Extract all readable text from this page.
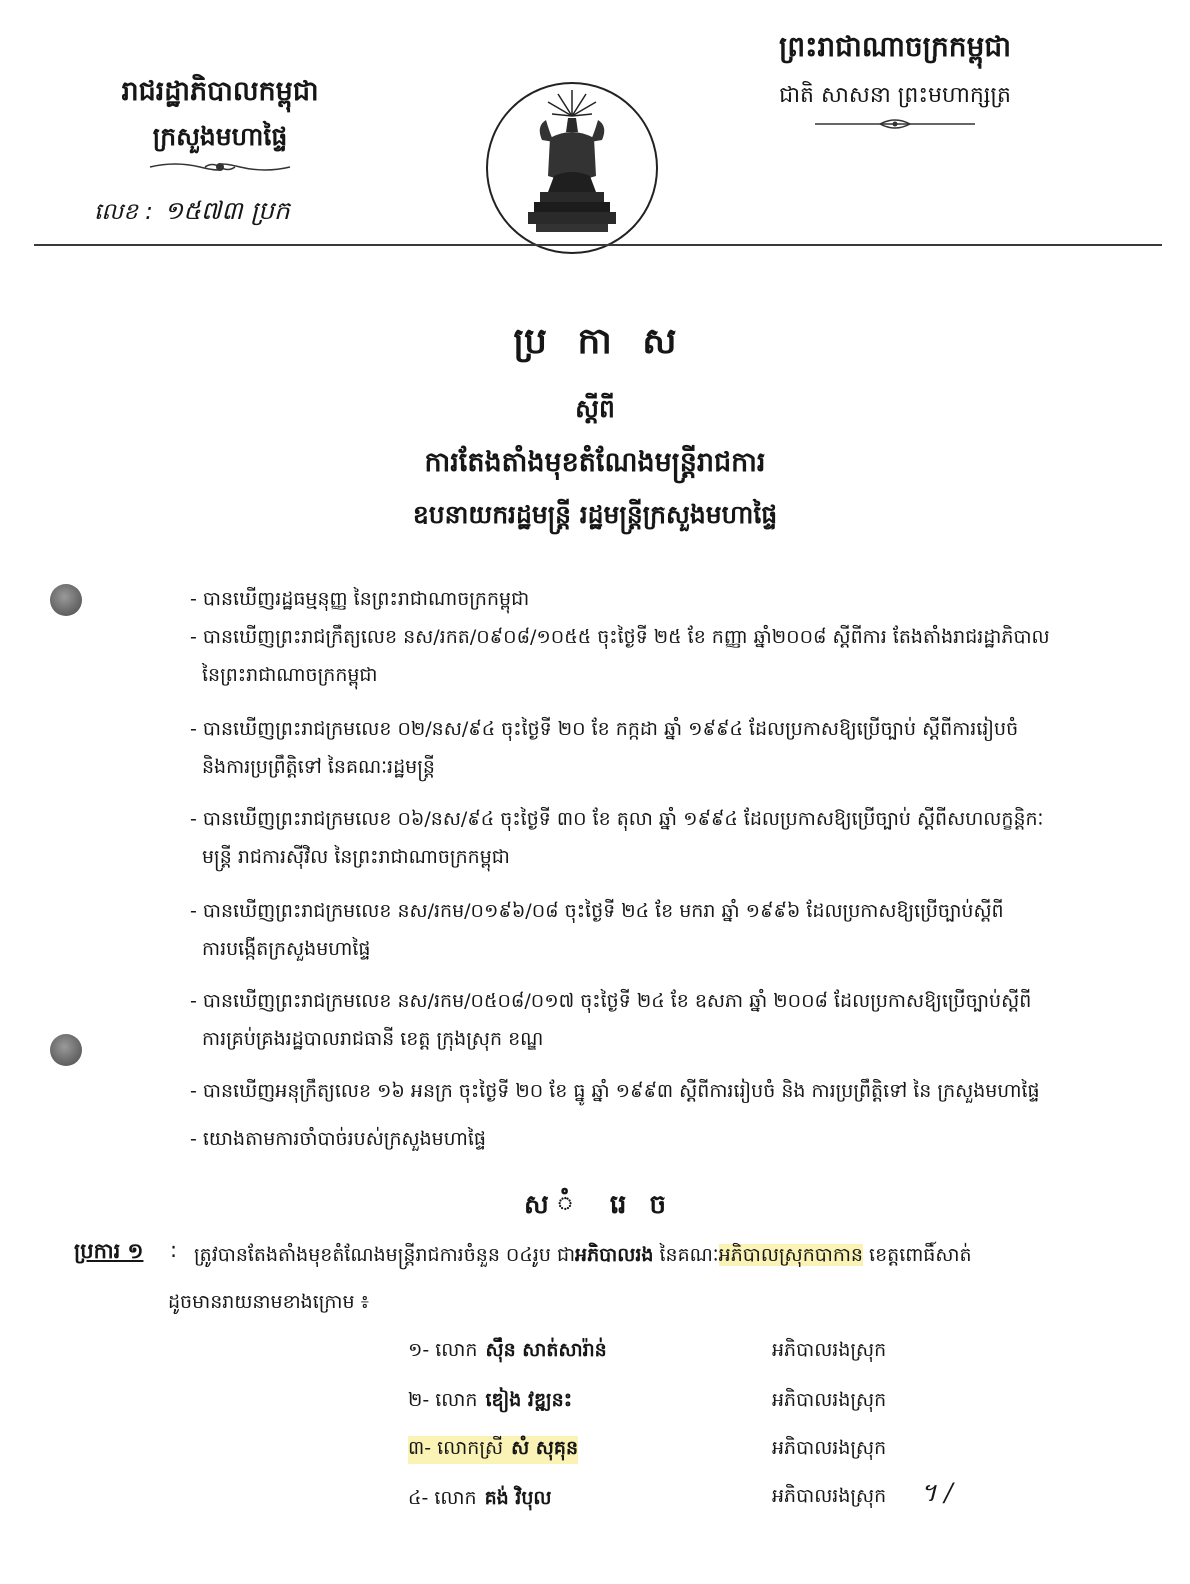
រាជរដ្ឋាភិបាលកម្ពុជា
ក្រសួងមហាផ្ទៃ
លេខ : ១៥៧៣ ប្រក
ព្រះរាជាណាចក្រកម្ពុជា
ជាតិ សាសនា ព្រះមហាក្សត្រ
ប្រ កា ស
ស្តីពី
ការតែងតាំងមុខតំណែងមន្ត្រីរាជការ
ឧបនាយករដ្ឋមន្ត្រី រដ្ឋមន្ត្រីក្រសួងមហាផ្ទៃ
- បានឃើញរដ្ឋធម្មនុញ្ញ នៃព្រះរាជាណាចក្រកម្ពុជា
- បានឃើញព្រះរាជក្រឹត្យលេខ នស/រកត/០៩០៨/១០៥៥ ចុះថ្ងៃទី ២៥ ខែ កញ្ញា ឆ្នាំ២០០៨ ស្តីពីការ តែងតាំងរាជរដ្ឋាភិបាល
នៃព្រះរាជាណាចក្រកម្ពុជា
- បានឃើញព្រះរាជក្រមលេខ ០២/នស/៩៤ ចុះថ្ងៃទី ២០ ខែ កក្កដា ឆ្នាំ ១៩៩៤ ដែលប្រកាសឱ្យប្រើច្បាប់ ស្តីពីការរៀបចំ
និងការប្រព្រឹត្តិទៅ នៃគណៈរដ្ឋមន្ត្រី
- បានឃើញព្រះរាជក្រមលេខ ០៦/នស/៩៤ ចុះថ្ងៃទី ៣០ ខែ តុលា ឆ្នាំ ១៩៩៤ ដែលប្រកាសឱ្យប្រើច្បាប់ ស្តីពីសហលក្ខន្តិកៈ
មន្ត្រី រាជការស៊ីវិល នៃព្រះរាជាណាចក្រកម្ពុជា
- បានឃើញព្រះរាជក្រមលេខ នស/រកម/០១៩៦/០៨ ចុះថ្ងៃទី ២៤ ខែ មករា ឆ្នាំ ១៩៩៦ ដែលប្រកាសឱ្យប្រើច្បាប់ស្តីពី
ការបង្កើតក្រសួងមហាផ្ទៃ
- បានឃើញព្រះរាជក្រមលេខ នស/រកម/០៥០៨/០១៧ ចុះថ្ងៃទី ២៤ ខែ ឧសភា ឆ្នាំ ២០០៨ ដែលប្រកាសឱ្យប្រើច្បាប់ស្តីពី
ការគ្រប់គ្រងរដ្ឋបាលរាជធានី ខេត្ត ក្រុងស្រុក ខណ្ឌ
- បានឃើញអនុក្រឹត្យលេខ ១៦ អនក្រ ចុះថ្ងៃទី ២០ ខែ ធ្នូ ឆ្នាំ ១៩៩៣ ស្តីពីការរៀបចំ និង ការប្រព្រឹត្តិទៅ នៃ ក្រសួងមហាផ្ទៃ
- យោងតាមការចាំបាច់របស់ក្រសួងមហាផ្ទៃ
ស ំ រេ ច
ប្រការ ១ : ត្រូវបានតែងតាំងមុខតំណែងមន្ត្រីរាជការចំនួន ០៤រូប ជាអភិបាលរង នៃគណៈអភិបាលស្រុកបាកាន ខេត្តពោធិ៍សាត់
ដូចមានរាយនាមខាងក្រោម ៖
១- លោក ស៊ឹន សាត់សារ៉ាន់	អភិបាលរងស្រុក
២- លោក ឌៀង វឌ្ឍនះ	អភិបាលរងស្រុក
៣- លោកស្រី សំ សុគុន	អភិបាលរងស្រុក
៤- លោក គង់ វិបុល	អភិបាលរងស្រុក ។ /
